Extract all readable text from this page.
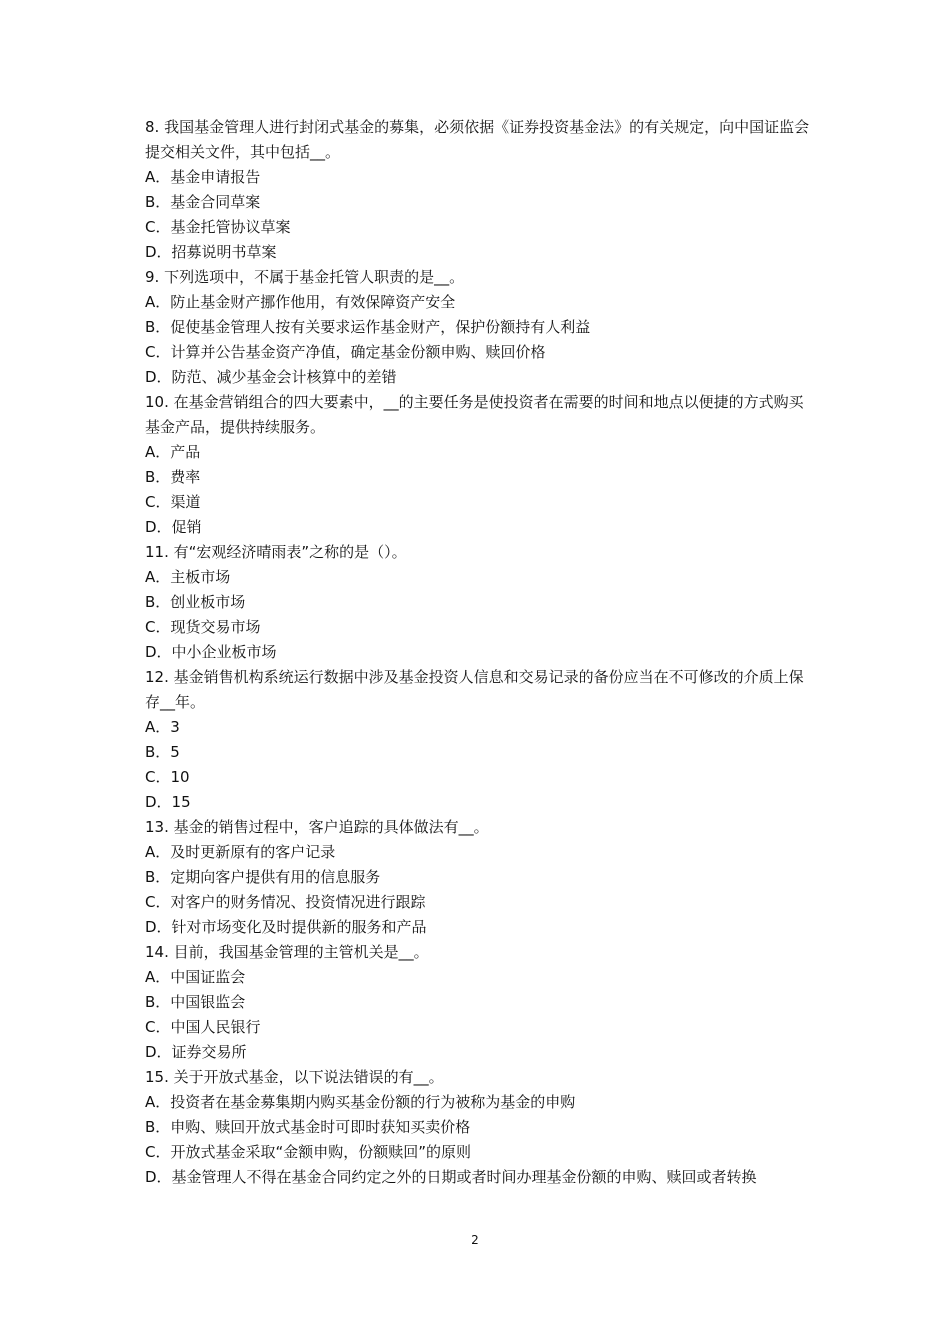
8. 我国基金管理人进行封闭式基金的募集，必须依据《证券投资基金法》的有关规定，向中国证监会提交相关文件，其中包括__。

A．基金申请报告

B．基金合同草案

C．基金托管协议草案

D．招募说明书草案

9. 下列选项中，不属于基金托管人职责的是__。

A．防止基金财产挪作他用，有效保障资产安全

B．促使基金管理人按有关要求运作基金财产，保护份额持有人利益

C．计算并公告基金资产净值，确定基金份额申购、赎回价格

D．防范、减少基金会计核算中的差错

10. 在基金营销组合的四大要素中，__的主要任务是使投资者在需要的时间和地点以便捷的方式购买基金产品，提供持续服务。

A．产品

B．费率

C．渠道

D．促销

11. 有“宏观经济晴雨表”之称的是（）。

A．主板市场

B．创业板市场

C．现货交易市场

D．中小企业板市场

12. 基金销售机构系统运行数据中涉及基金投资人信息和交易记录的备份应当在不可修改的介质上保存__年。

A．3

B．5

C．10

D．15

13. 基金的销售过程中，客户追踪的具体做法有__。

A．及时更新原有的客户记录

B．定期向客户提供有用的信息服务

C．对客户的财务情况、投资情况进行跟踪

D．针对市场变化及时提供新的服务和产品

14. 目前，我国基金管理的主管机关是__。

A．中国证监会

B．中国银监会

C．中国人民银行

D．证券交易所

15. 关于开放式基金，以下说法错误的有__。

A．投资者在基金募集期内购买基金份额的行为被称为基金的申购

B．申购、赎回开放式基金时可即时获知买卖价格

C．开放式基金采取“金额申购，份额赎回”的原则

D．基金管理人不得在基金合同约定之外的日期或者时间办理基金份额的申购、赎回或者转换

2
